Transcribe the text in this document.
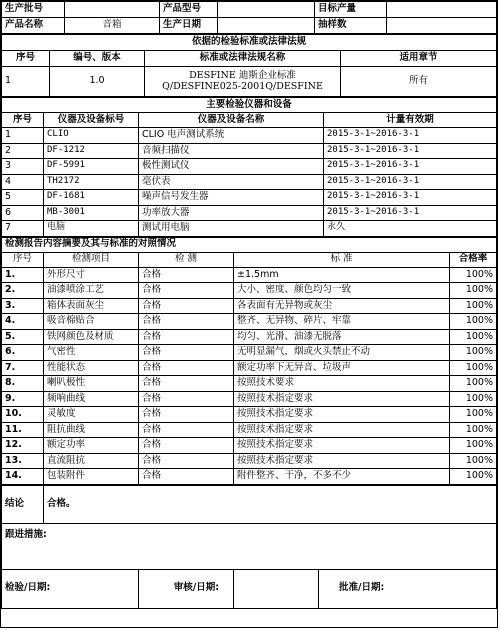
生产批号		产品型号		目标产量	
产品名称	音箱	生产日期		抽样数	
依据的检验标准或法律法规			
序号	编号、版本	标准或法律法规名称	适用章节
1	1.0	DESFINE 迪斯企业标准
Q/DESFINE025-2001Q/DESFINE	所有
主要检验仪器和设备			
序号	仪器及设备标号	仪器及设备名称	计量有效期
1	CLIO	CLIO 电声测试系统	2015-3-1~2016-3-1
2	DF-1212	音频扫描仪	2015-3-1~2016-3-1
3	DF-5991	极性测试仪	2015-3-1~2016-3-1
4	TH2172	毫伏表	2015-3-1~2016-3-1
5	DF-1681	噪声信号发生器	2015-3-1~2016-3-1
6	MB-3001	功率放大器	2015-3-1~2016-3-1
7	电脑	测试用电脑	永久
检测报告内容摘要及其与标准的对照情况				
序号	检测项目	检 测	标 准	合格率
1.	外形尺寸	合格	±1.5mm	100%
2.	油漆喷涂工艺	合格	大小、密度、颜色均匀一致	100%
3.	箱体表面灰尘	合格	各表面有无异物或灰尘	100%
4.	吸音棉贴合	合格	整齐、无异物、碎片、牢靠	100%
5.	铁网颜色及材质	合格	均匀、光滑、油漆无脱落	100%
6.	气密性	合格	无明显漏气，烟或火头禁止不动	100%
7.	性能状态	合格	额定功率下无异音、垃圾声	100%
8.	喇叭极性	合格	按照技术要求	100%
9.	频响曲线	合格	按照技术指定要求	100%
10.	灵敏度	合格	按照技术指定要求	100%
11.	阻抗曲线	合格	按照技术指定要求	100%
12.	额定功率	合格	按照技术指定要求	100%
13.	直流阻抗	合格	按照技术指定要求	100%
14.	包装附件	合格	附件整齐、干净，不多不少	100%
结论	合格。			
跟进措施:				
检验/日期:		审核/日期:		批准/日期:
